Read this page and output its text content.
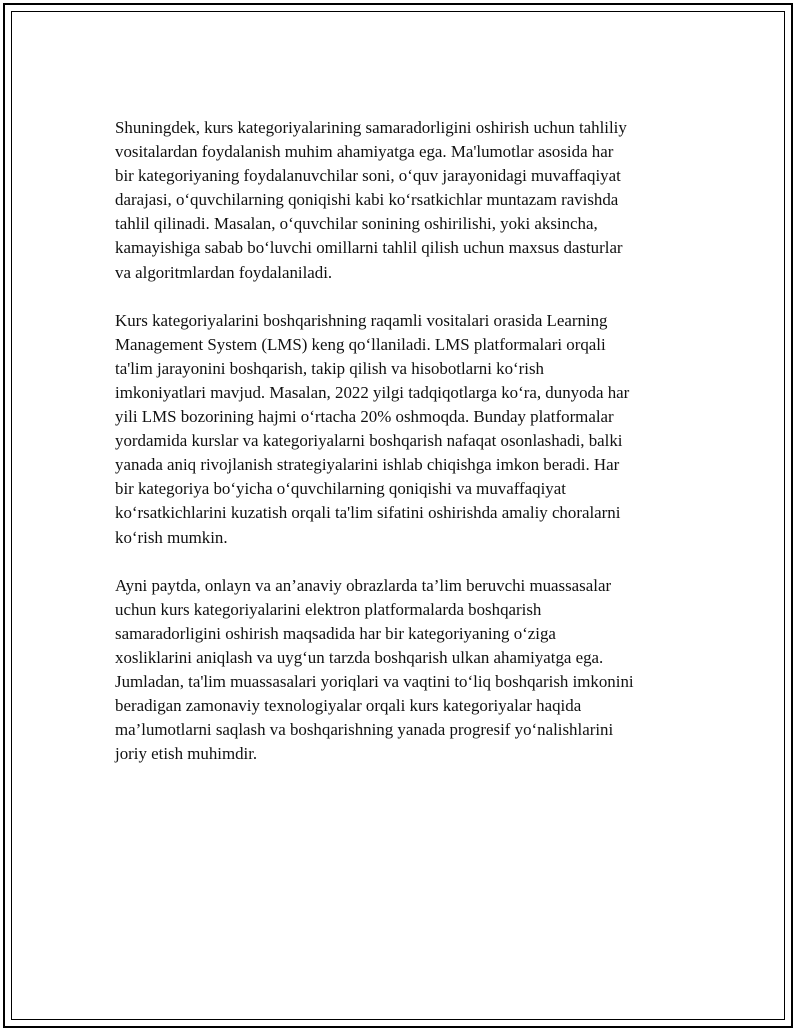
Shuningdek, kurs kategoriyalarining samaradorligini oshirish uchun tahliliy
vositalardan foydalanish muhim ahamiyatga ega. Ma'lumotlar asosida har
bir kategoriyaning foydalanuvchilar soni, o‘quv jarayonidagi muvaffaqiyat
darajasi, o‘quvchilarning qoniqishi kabi ko‘rsatkichlar muntazam ravishda
tahlil qilinadi. Masalan, o‘quvchilar sonining oshirilishi, yoki aksincha,
kamayishiga sabab bo‘luvchi omillarni tahlil qilish uchun maxsus dasturlar
va algoritmlardan foydalaniladi.

Kurs kategoriyalarini boshqarishning raqamli vositalari orasida Learning
Management System (LMS) keng qo‘llaniladi. LMS platformalari orqali
ta'lim jarayonini boshqarish, takip qilish va hisobotlarni ko‘rish
imkoniyatlari mavjud. Masalan, 2022 yilgi tadqiqotlarga ko‘ra, dunyoda har
yili LMS bozorining hajmi o‘rtacha 20% oshmoqda. Bunday platformalar
yordamida kurslar va kategoriyalarni boshqarish nafaqat osonlashadi, balki
yanada aniq rivojlanish strategiyalarini ishlab chiqishga imkon beradi. Har
bir kategoriya bo‘yicha o‘quvchilarning qoniqishi va muvaffaqiyat
ko‘rsatkichlarini kuzatish orqali ta'lim sifatini oshirishda amaliy choralarni
ko‘rish mumkin.

Ayni paytda, onlayn va an’anaviy obrazlarda ta’lim beruvchi muassasalar
uchun kurs kategoriyalarini elektron platformalarda boshqarish
samaradorligini oshirish maqsadida har bir kategoriyaning o‘ziga
xosliklarini aniqlash va uyg‘un tarzda boshqarish ulkan ahamiyatga ega.
Jumladan, ta'lim muassasalari yoriqlari va vaqtini to‘liq boshqarish imkonini
beradigan zamonaviy texnologiyalar orqali kurs kategoriyalar haqida
ma’lumotlarni saqlash va boshqarishning yanada progresif yo‘nalishlarini
joriy etish muhimdir.
